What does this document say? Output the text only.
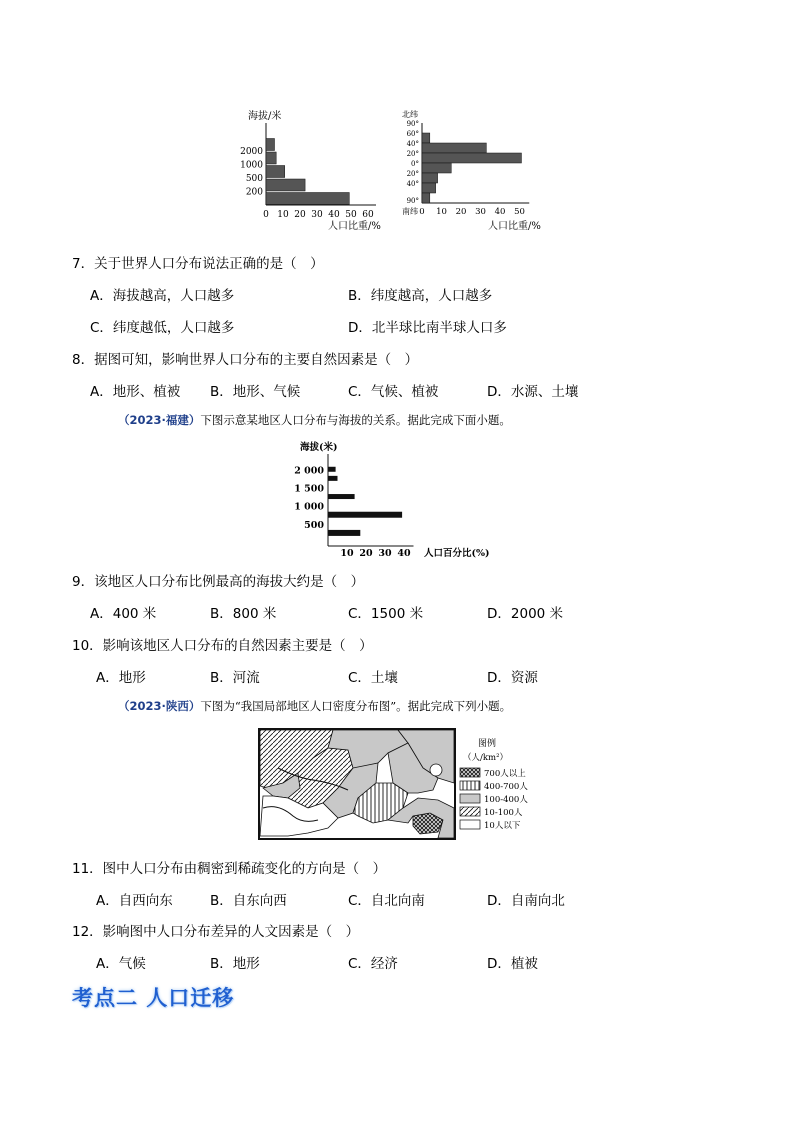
2000
1000
500
200
0 10 20 30 40 50 60
海拔/米
人口比重/%
90°
60°
40°
20°
0°
20°
40°
90°
0 10 20 30 40 50
北纬
南纬
人口比重/%
7．关于世界人口分布说法正确的是（　）
A．海拔越高，人口越多	B．纬度越高，人口越多
C．纬度越低，人口越多	D．北半球比南半球人口多
8．据图可知，影响世界人口分布的主要自然因素是（　）
A．地形、植被 B．地形、气候	C．气候、植被	D．水源、土壤
（2023·福建）下图示意某地区人口分布与海拔的关系。据此完成下面小题。
2 000
1 500
1 000
500
10 20 30 40
海拔(米)
人口百分比(%)
9．该地区人口分布比例最高的海拔大约是（　）
A．400 米	B．800 米	C．1500 米	D．2000 米
10．影响该地区人口分布的自然因素主要是（　）
A．地形	B．河流	C．土壤	D．资源
（2023·陕西）下图为“我国局部地区人口密度分布图”。据此完成下列小题。
图例
（人/km²）
700人以上
400-700人
100-400人
10-100人
10人以下
11．图中人口分布由稠密到稀疏变化的方向是（　）
A．自西向东	B．自东向西	C．自北向南	D．自南向北
12．影响图中人口分布差异的人文因素是（　）
A．气候	B．地形	C．经济	D．植被
考点二 人口迁移
